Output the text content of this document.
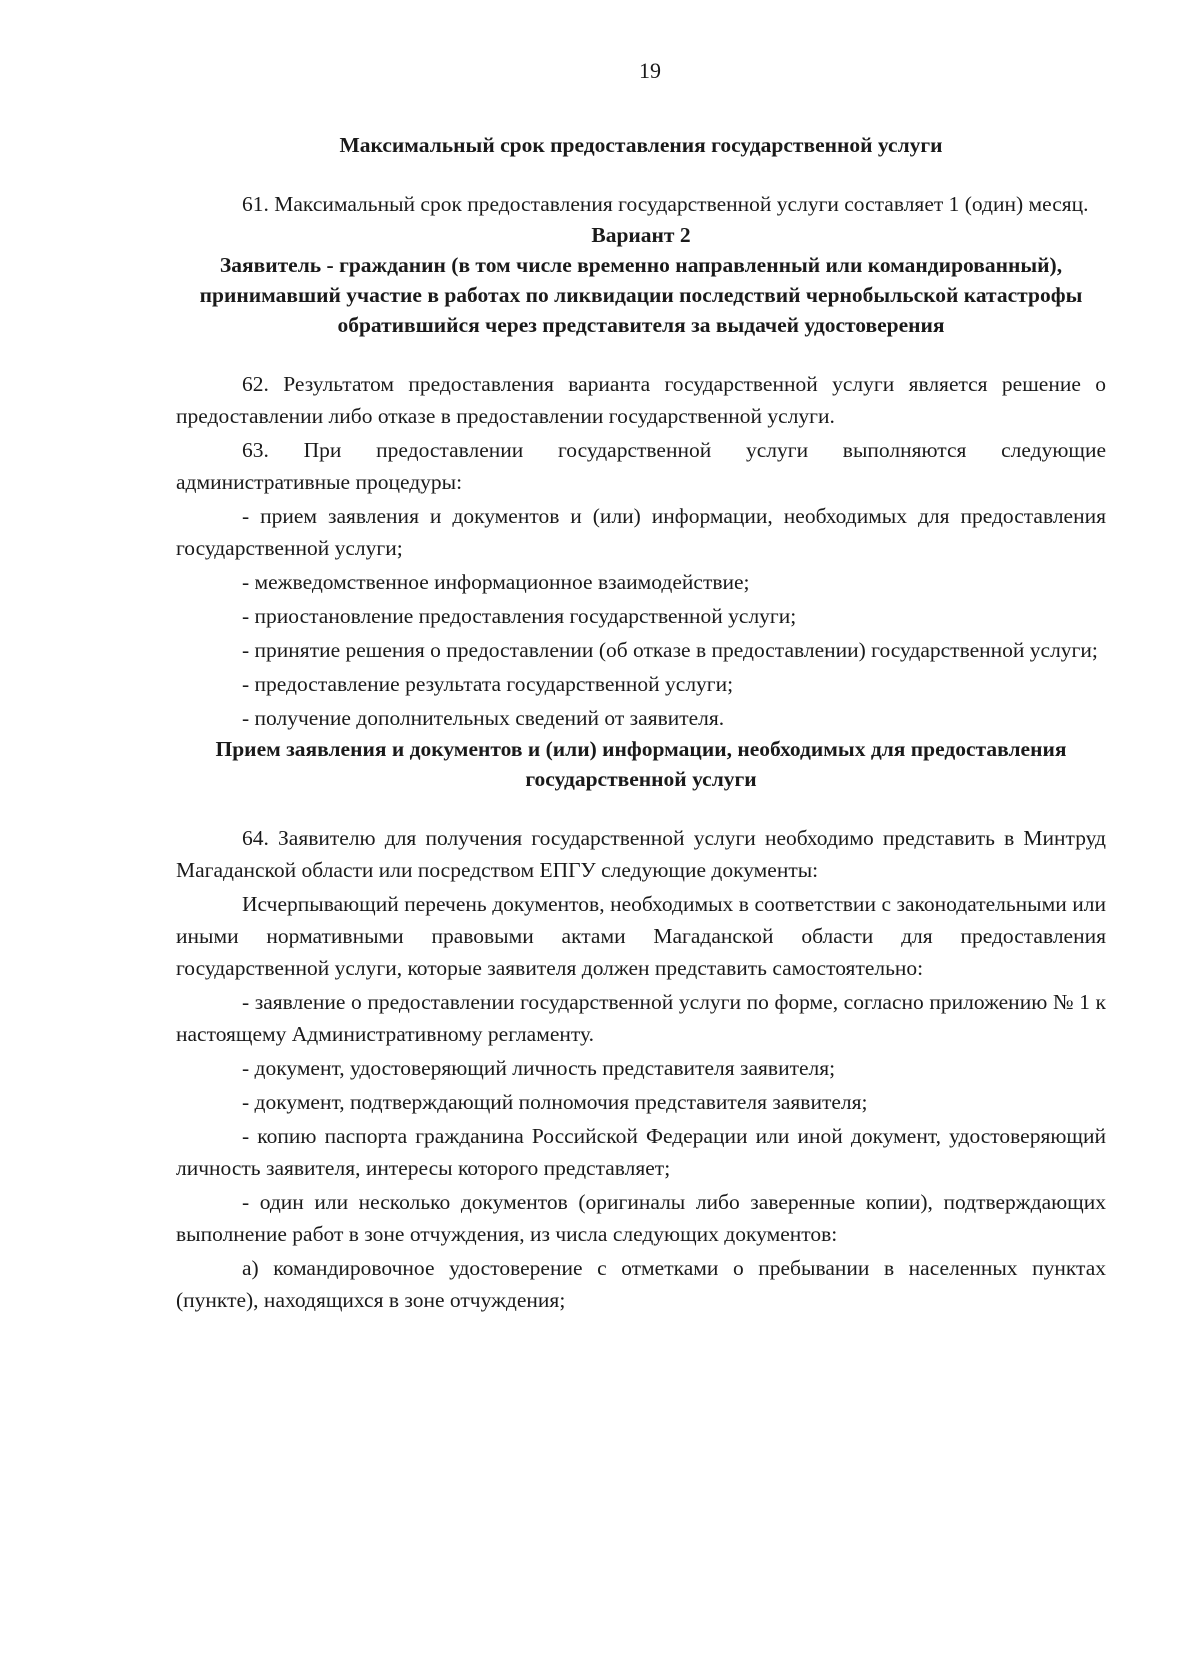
19
Максимальный срок предоставления государственной услуги

61. Максимальный срок предоставления государственной услуги составляет 1 (один) месяц.

Вариант 2
Заявитель - гражданин (в том числе временно направленный или командированный), принимавший участие в работах по ликвидации последствий чернобыльской катастрофы обратившийся через представителя за выдачей удостоверения

62. Результатом предоставления варианта государственной услуги является решение о предоставлении либо отказе в предоставлении государственной услуги.

63. При предоставлении государственной услуги выполняются следующие административные процедуры:

- прием заявления и документов и (или) информации, необходимых для предоставления государственной услуги;

- межведомственное информационное взаимодействие;

- приостановление предоставления государственной услуги;

- принятие решения о предоставлении (об отказе в предоставлении) государственной услуги;

- предоставление результата государственной услуги;

- получение дополнительных сведений от заявителя.

Прием заявления и документов и (или) информации, необходимых для предоставления государственной услуги

64. Заявителю для получения государственной услуги необходимо представить в Минтруд Магаданской области или посредством ЕПГУ следующие документы:

Исчерпывающий перечень документов, необходимых в соответствии с законодательными или иными нормативными правовыми актами Магаданской области для предоставления государственной услуги, которые заявителя должен представить самостоятельно:

- заявление о предоставлении государственной услуги по форме, согласно приложению № 1 к настоящему Административному регламенту.

- документ, удостоверяющий личность представителя заявителя;

- документ, подтверждающий полномочия представителя заявителя;

- копию паспорта гражданина Российской Федерации или иной документ, удостоверяющий личность заявителя, интересы которого представляет;

- один или несколько документов (оригиналы либо заверенные копии), подтверждающих выполнение работ в зоне отчуждения, из числа следующих документов:

а) командировочное удостоверение с отметками о пребывании в населенных пунктах (пункте), находящихся в зоне отчуждения;
